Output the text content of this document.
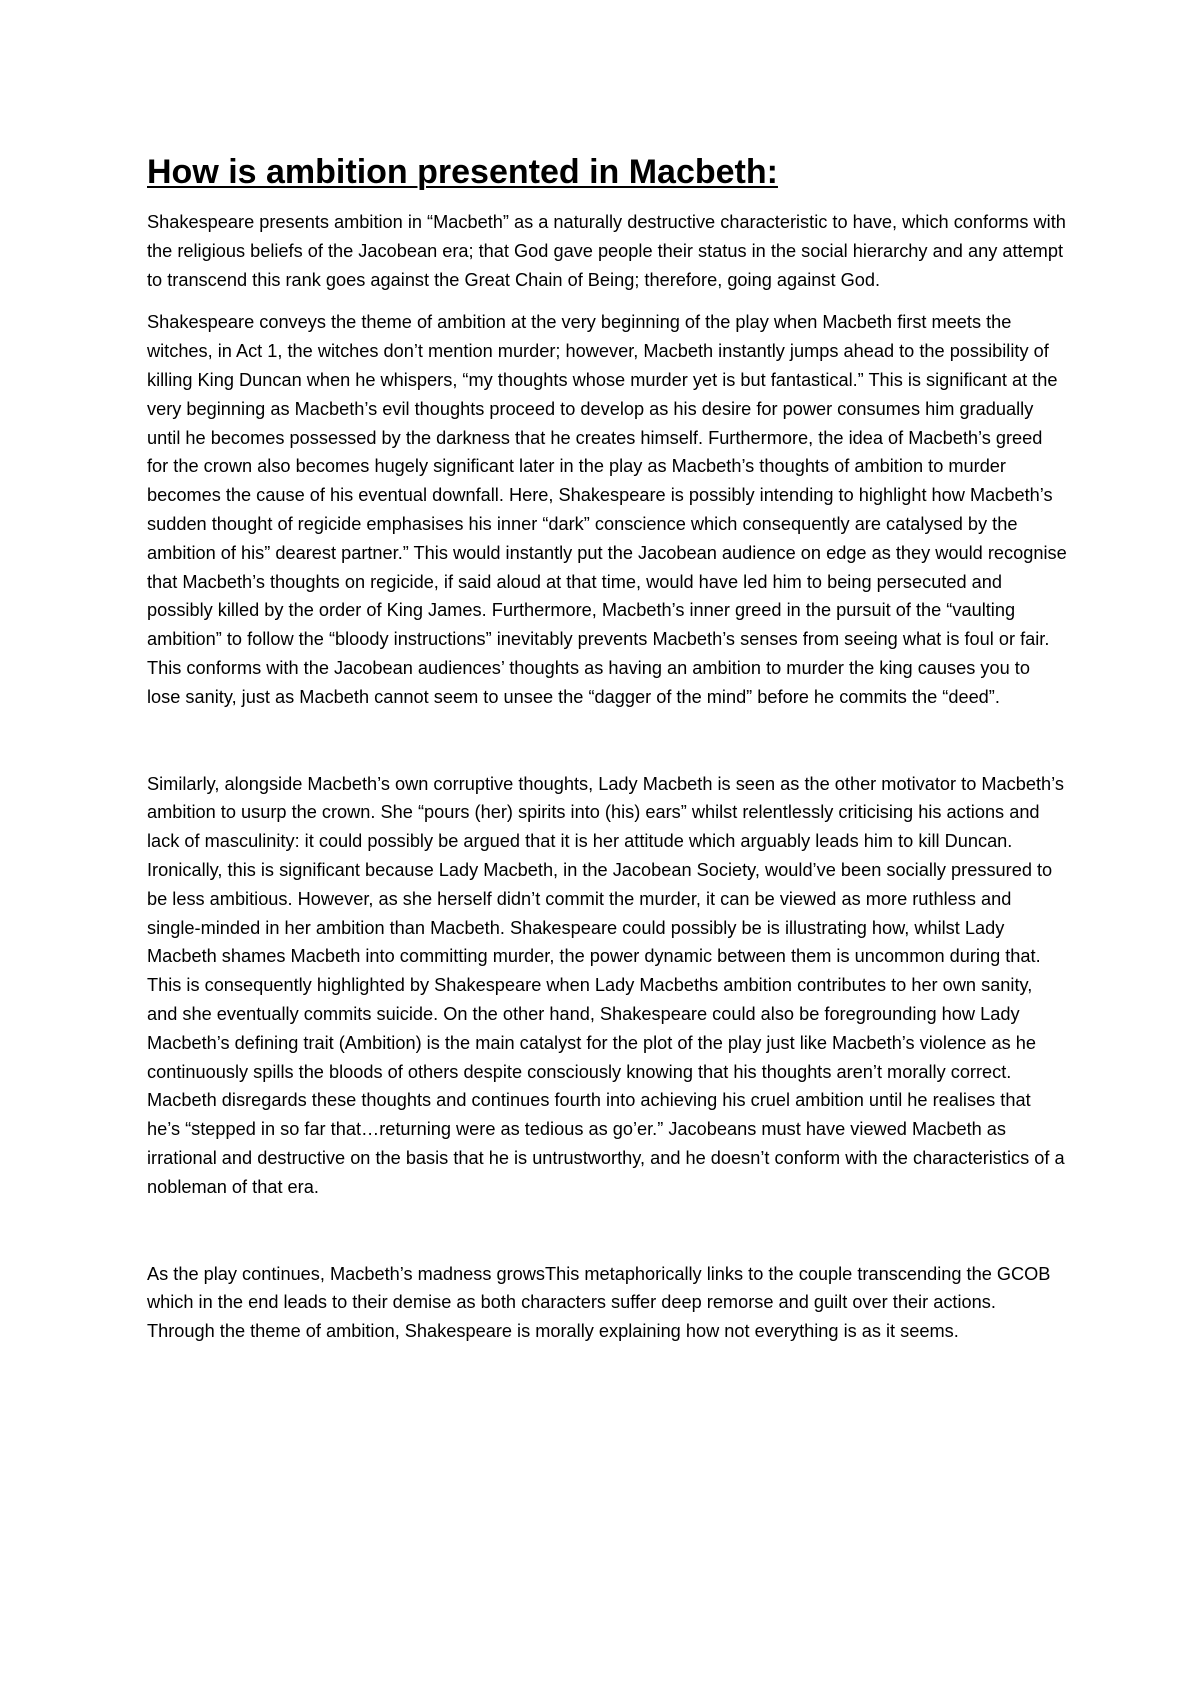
How is ambition presented in Macbeth:

Shakespeare presents ambition in “Macbeth” as a naturally destructive characteristic to have, which conforms with the religious beliefs of the Jacobean era; that God gave people their status in the social hierarchy and any attempt to transcend this rank goes against the Great Chain of Being; therefore, going against God.

Shakespeare conveys the theme of ambition at the very beginning of the play when Macbeth first meets the witches, in Act 1, the witches don’t mention murder; however, Macbeth instantly jumps ahead to the possibility of killing King Duncan when he whispers, “my thoughts whose murder yet is but fantastical.” This is significant at the very beginning as Macbeth’s evil thoughts proceed to develop as his desire for power consumes him gradually until he becomes possessed by the darkness that he creates himself. Furthermore, the idea of Macbeth’s greed for the crown also becomes hugely significant later in the play as Macbeth’s thoughts of ambition to murder becomes the cause of his eventual downfall. Here, Shakespeare is possibly intending to highlight how Macbeth’s sudden thought of regicide emphasises his inner “dark” conscience which consequently are catalysed by the ambition of his” dearest partner.” This would instantly put the Jacobean audience on edge as they would recognise that Macbeth’s thoughts on regicide, if said aloud at that time, would have led him to being persecuted and possibly killed by the order of King James. Furthermore, Macbeth’s inner greed in the pursuit of the “vaulting ambition” to follow the “bloody instructions” inevitably prevents Macbeth’s senses from seeing what is foul or fair. This conforms with the Jacobean audiences’ thoughts as having an ambition to murder the king causes you to lose sanity, just as Macbeth cannot seem to unsee the “dagger of the mind” before he commits the “deed”.

Similarly, alongside Macbeth’s own corruptive thoughts, Lady Macbeth is seen as the other motivator to Macbeth’s ambition to usurp the crown. She “pours (her) spirits into (his) ears” whilst relentlessly criticising his actions and lack of masculinity: it could possibly be argued that it is her attitude which arguably leads him to kill Duncan. Ironically, this is significant because Lady Macbeth, in the Jacobean Society, would’ve been socially pressured to be less ambitious. However, as she herself didn’t commit the murder, it can be viewed as more ruthless and single-minded in her ambition than Macbeth. Shakespeare could possibly be is illustrating how, whilst Lady Macbeth shames Macbeth into committing murder, the power dynamic between them is uncommon during that. This is consequently highlighted by Shakespeare when Lady Macbeths ambition contributes to her own sanity, and she eventually commits suicide. On the other hand, Shakespeare could also be foregrounding how Lady Macbeth’s defining trait (Ambition) is the main catalyst for the plot of the play just like Macbeth’s violence as he continuously spills the bloods of others despite consciously knowing that his thoughts aren’t morally correct. Macbeth disregards these thoughts and continues fourth into achieving his cruel ambition until he realises that he’s “stepped in so far that…returning were as tedious as go’er.” Jacobeans must have viewed Macbeth as irrational and destructive on the basis that he is untrustworthy, and he doesn’t conform with the characteristics of a nobleman of that era.

As the play continues, Macbeth’s madness growsThis metaphorically links to the couple transcending the GCOB which in the end leads to their demise as both characters suffer deep remorse and guilt over their actions. Through the theme of ambition, Shakespeare is morally explaining how not everything is as it seems.
